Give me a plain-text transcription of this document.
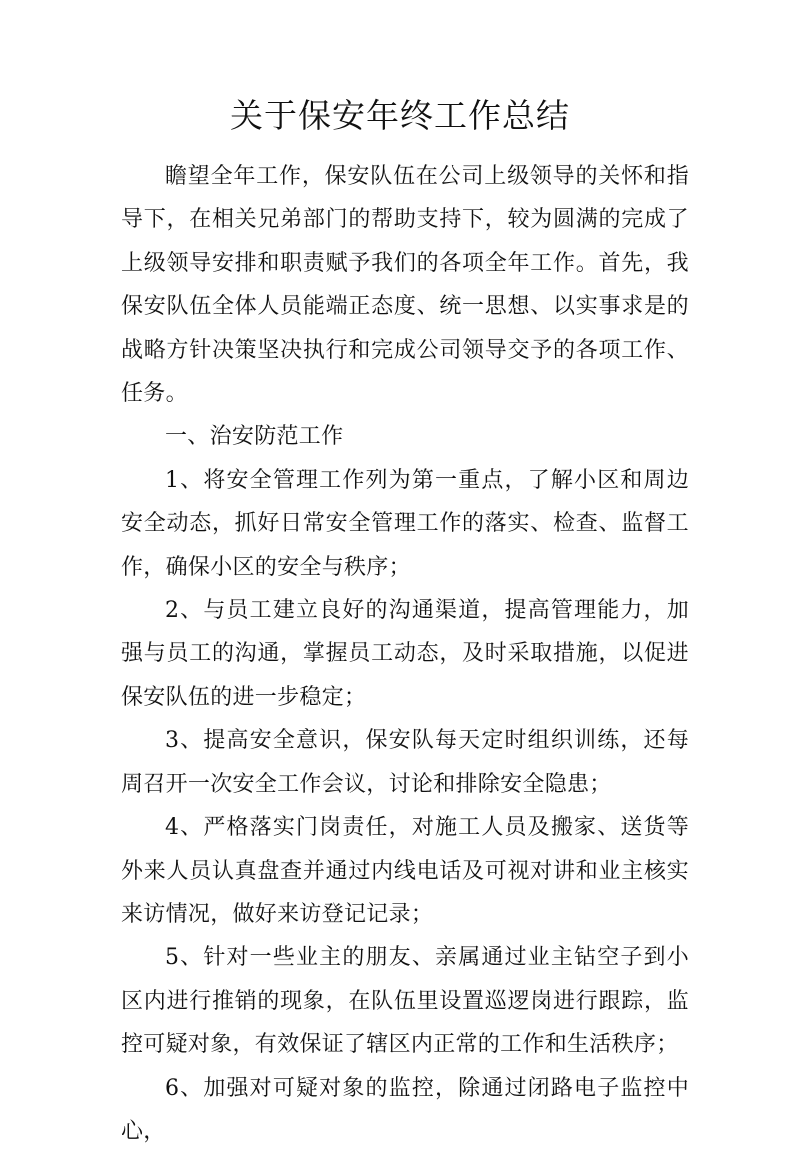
关于保安年终工作总结

瞻望全年工作，保安队伍在公司上级领导的关怀和指导下，在相关兄弟部门的帮助支持下，较为圆满的完成了上级领导安排和职责赋予我们的各项全年工作。首先，我保安队伍全体人员能端正态度、统一思想、以实事求是的战略方针决策坚决执行和完成公司领导交予的各项工作、任务。

一、治安防范工作

1、将安全管理工作列为第一重点，了解小区和周边安全动态，抓好日常安全管理工作的落实、检查、监督工作，确保小区的安全与秩序；

2、与员工建立良好的沟通渠道，提高管理能力，加强与员工的沟通，掌握员工动态，及时采取措施，以促进保安队伍的进一步稳定；

3、提高安全意识，保安队每天定时组织训练，还每周召开一次安全工作会议，讨论和排除安全隐患；

4、严格落实门岗责任，对施工人员及搬家、送货等外来人员认真盘查并通过内线电话及可视对讲和业主核实来访情况，做好来访登记记录；

5、针对一些业主的朋友、亲属通过业主钻空子到小区内进行推销的现象，在队伍里设置巡逻岗进行跟踪，监控可疑对象，有效保证了辖区内正常的工作和生活秩序；

6、加强对可疑对象的监控，除通过闭路电子监控中心，
